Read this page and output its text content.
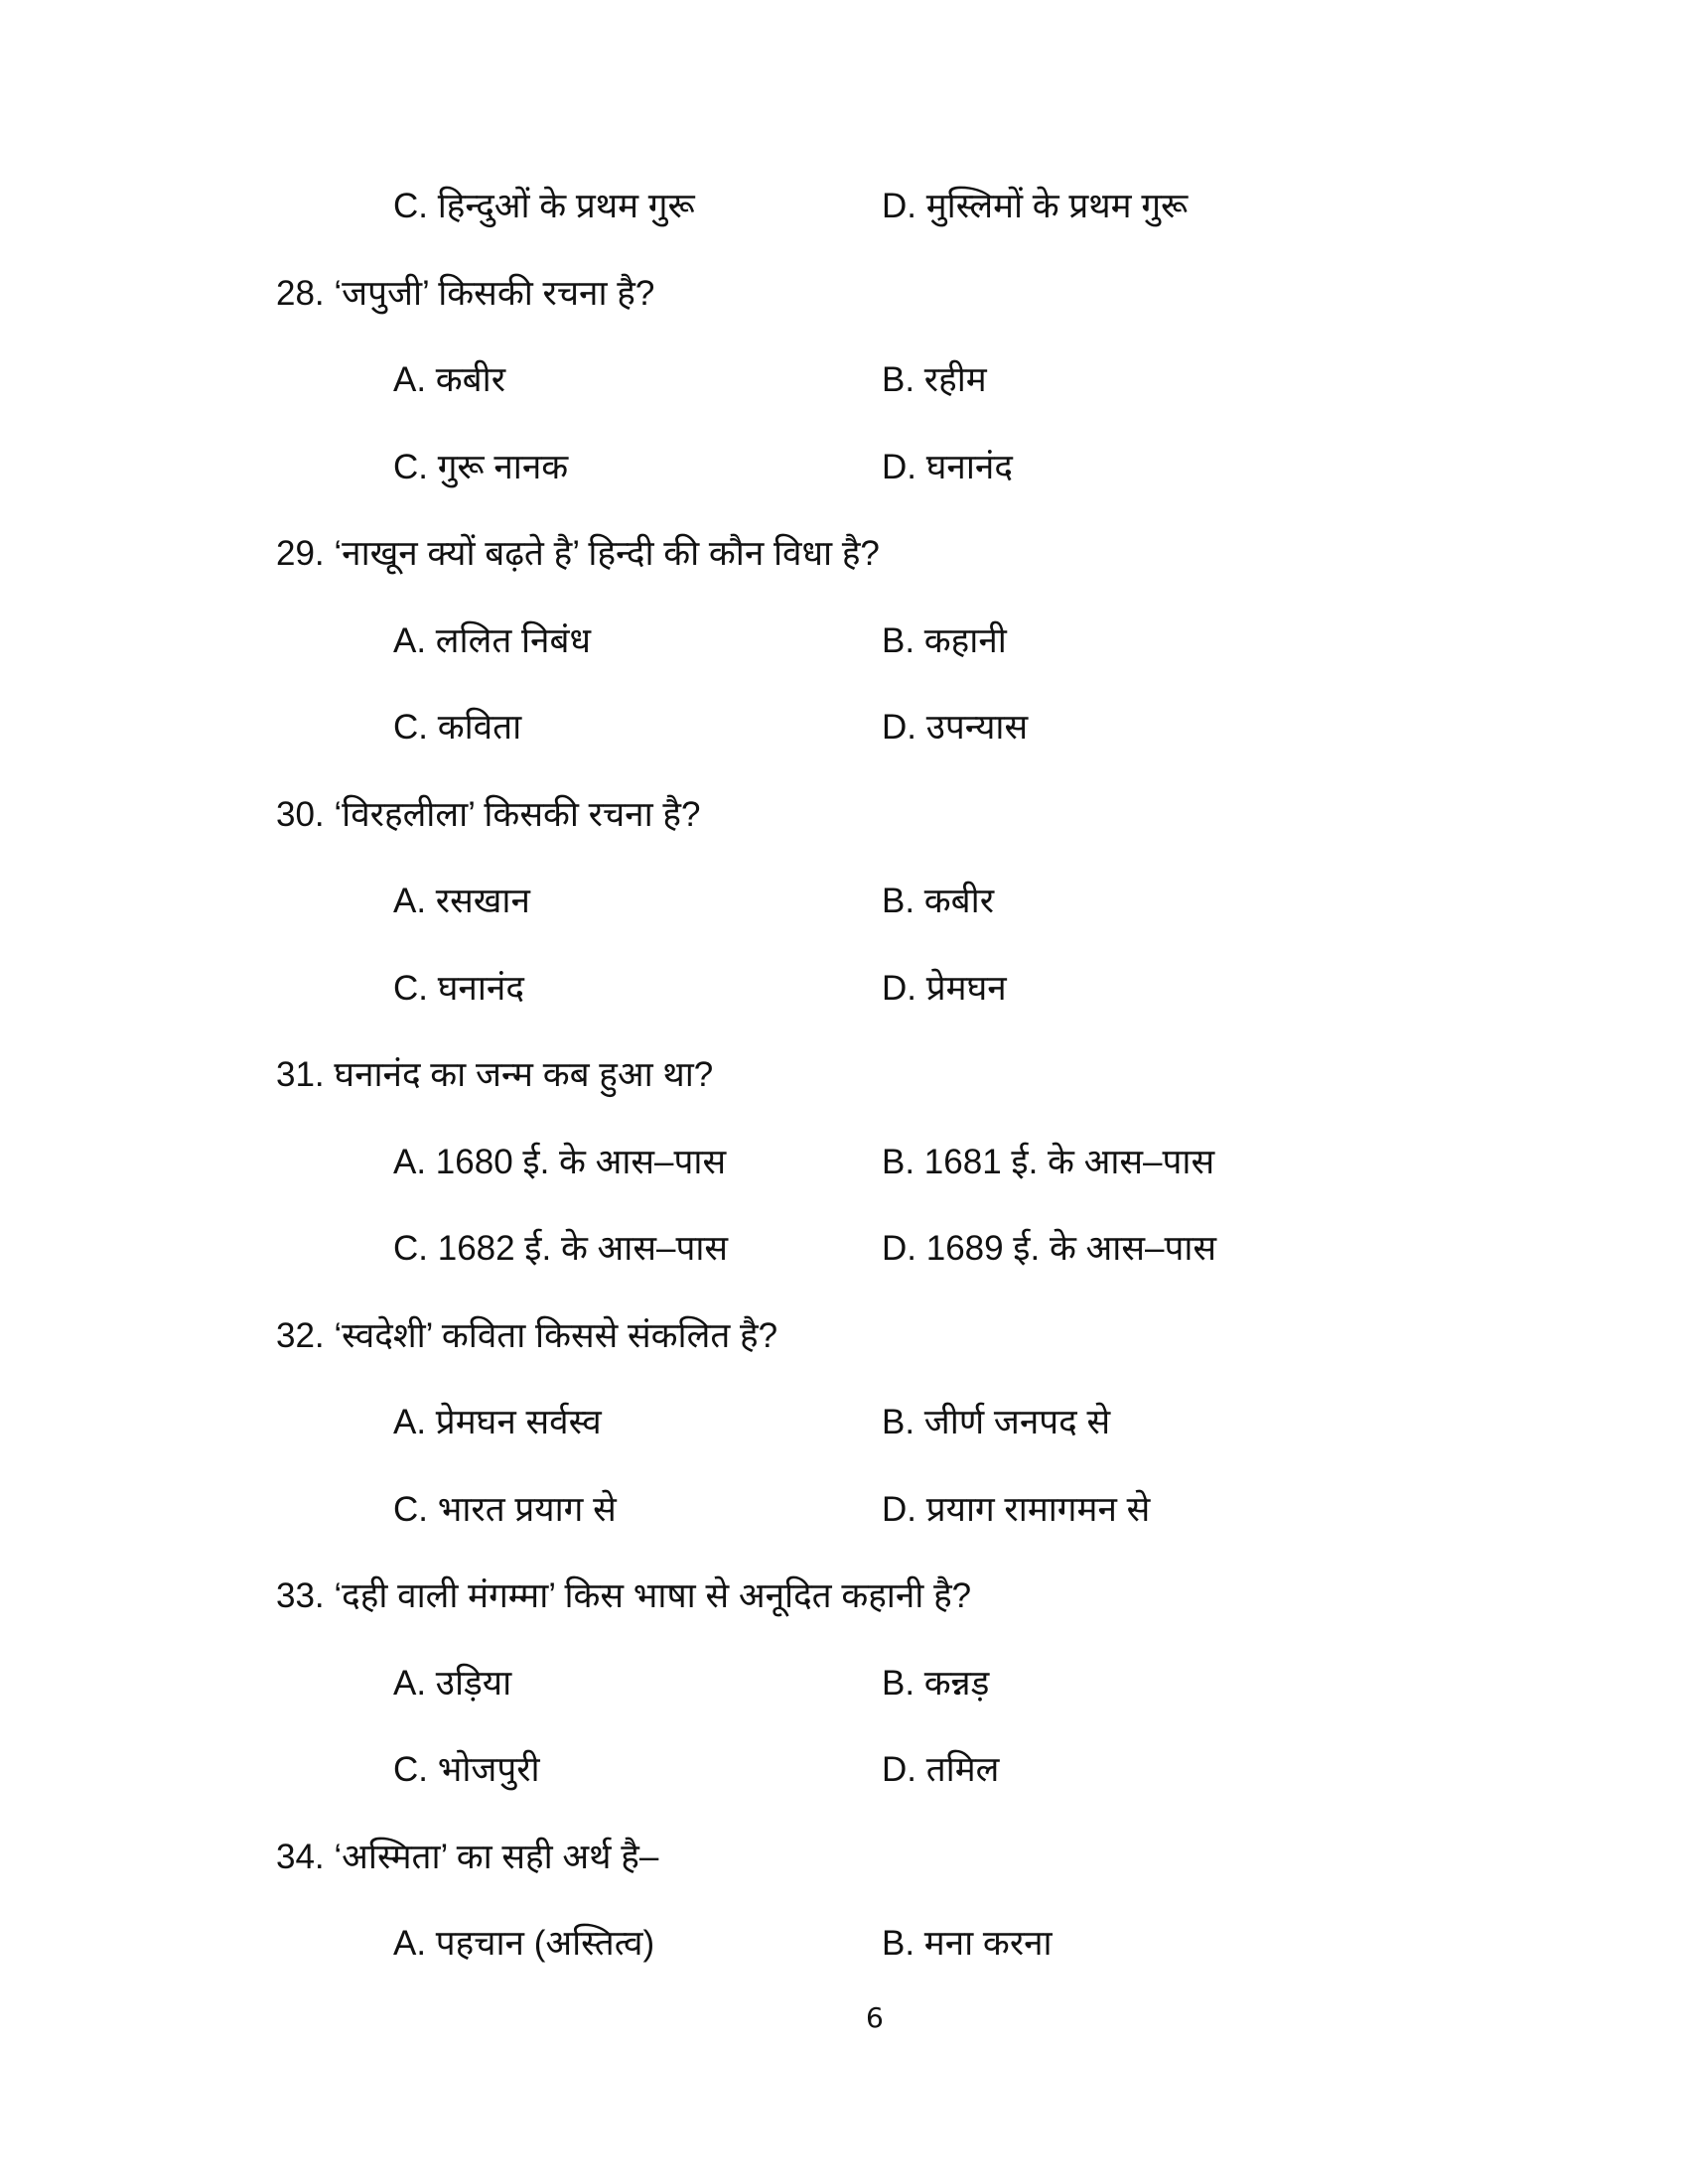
C. हिन्दुओं के प्रथम गुरू	D. मुस्लिमों के प्रथम गुरू
28. ‘जपुजी’ किसकी रचना है?
A. कबीर	B. रहीम
C. गुरू नानक	D. घनानंद
29. ‘नाखून क्यों बढ़ते है’ हिन्दी की कौन विधा है?
A. ललित निबंध	B. कहानी
C. कविता	D. उपन्यास
30. ‘विरहलीला’ किसकी रचना है?
A. रसखान	B. कबीर
C. घनानंद	D. प्रेमघन
31. घनानंद का जन्म कब हुआ था?
A. 1680 ई. के आस–पास	B. 1681 ई. के आस–पास
C. 1682 ई. के आस–पास	D. 1689 ई. के आस–पास
32. ‘स्वदेशी’ कविता किससे संकलित है?
A. प्रेमघन सर्वस्व	B. जीर्ण जनपद से
C. भारत प्रयाग से	D. प्रयाग रामागमन से
33. ‘दही वाली मंगम्मा’ किस भाषा से अनूदित कहानी है?
A. उड़िया	B. कन्नड़
C. भोजपुरी	D. तमिल
34. ‘अस्मिता’ का सही अर्थ है–
A. पहचान (अस्तित्व)	B. मना करना
6
